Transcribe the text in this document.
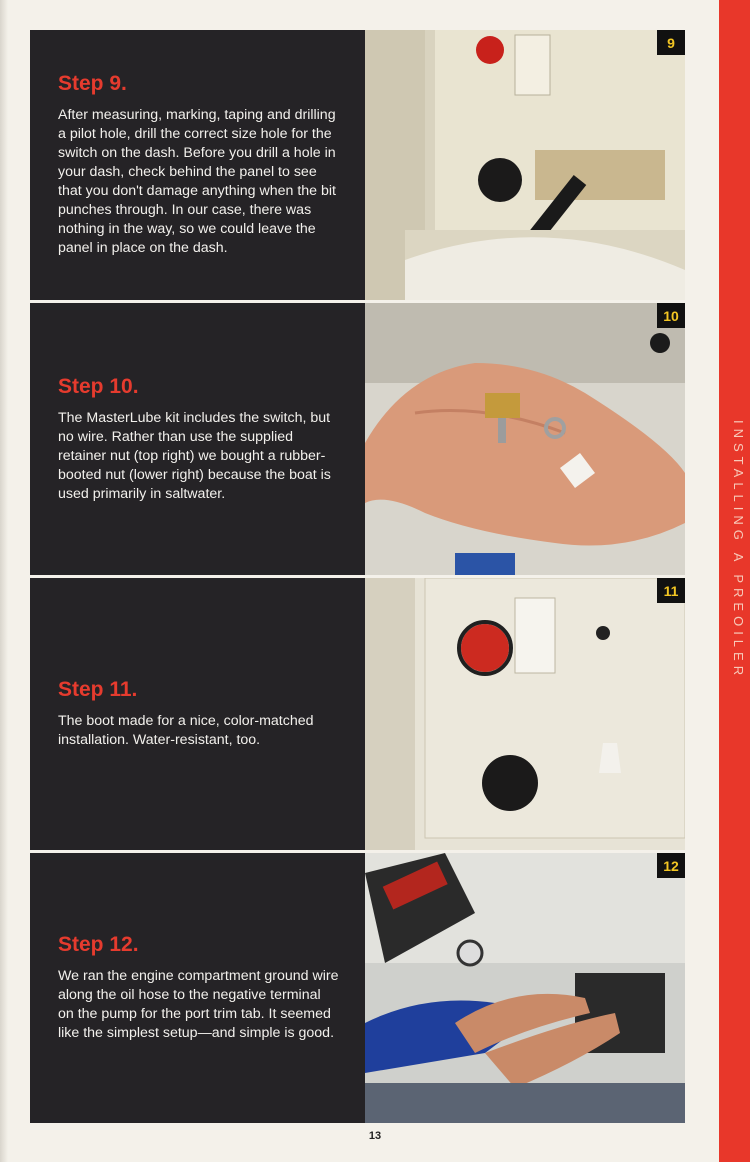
Step 9.

After measuring, marking, taping and drilling a pilot hole, drill the correct size hole for the switch on the dash. Before you drill a hole in your dash, check behind the panel to see that you don't damage anything when the bit punches through. In our case, there was nothing in the way, so we could leave the panel in place on the dash.

9
Step 10.

The MasterLube kit includes the switch, but no wire. Rather than use the supplied retainer nut (top right) we bought a rubber-booted nut (lower right) because the boat is used primarily in saltwater.

10
Step 11.

The boot made for a nice, color-matched installation. Water-resistant, too.

11
Step 12.

We ran the engine compartment ground wire along the oil hose to the negative terminal on the pump for the port trim tab. It seemed like the simplest setup—and simple is good.

12
INSTALLING A PREOILER
13
